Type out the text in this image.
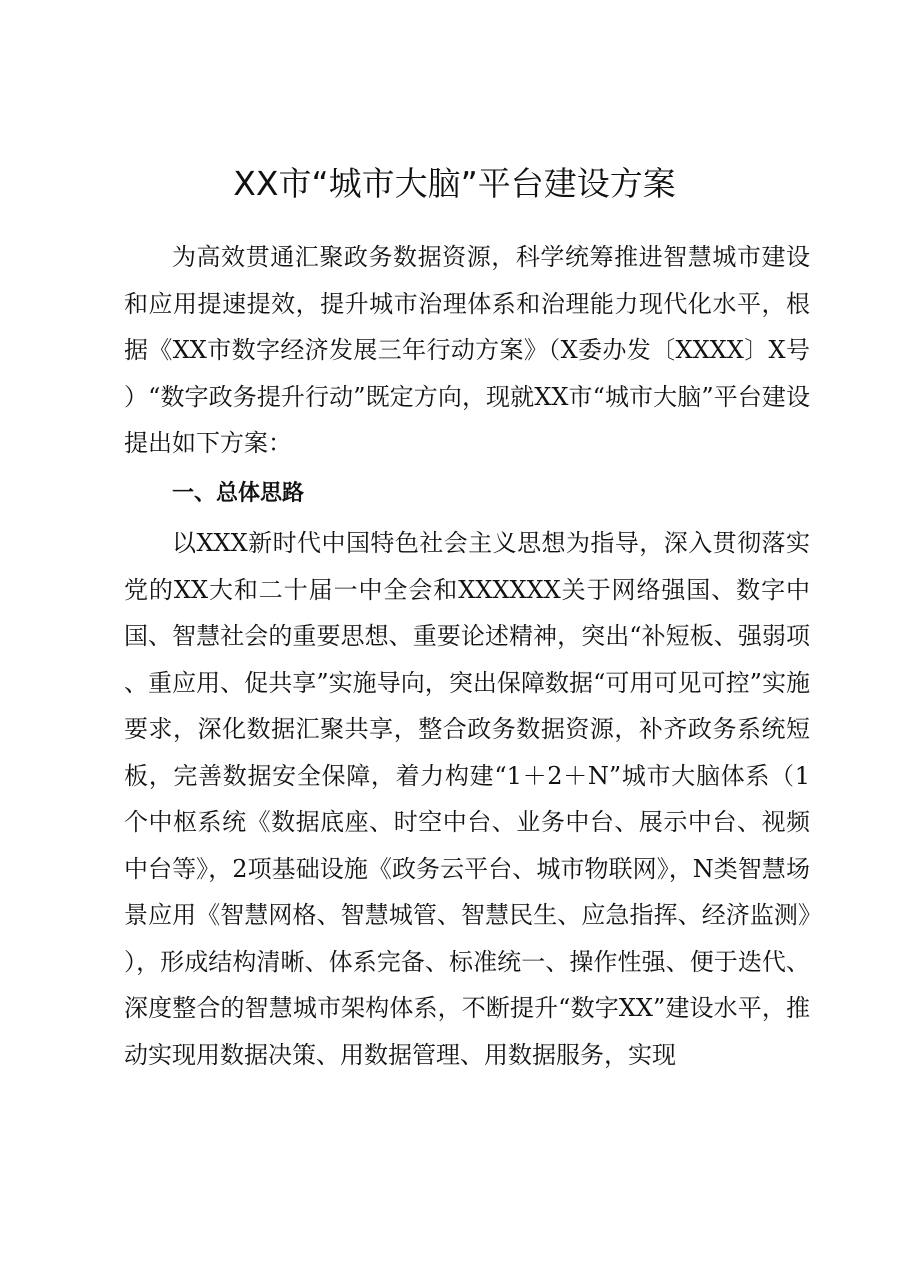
XX市“城市大脑”平台建设方案

为高效贯通汇聚政务数据资源，科学统筹推进智慧城市建设和应用提速提效，提升城市治理体系和治理能力现代化水平，根据《XX市数字经济发展三年行动方案》（X委办发〔XXXX〕X号）“数字政务提升行动”既定方向，现就XX市“城市大脑”平台建设提出如下方案：

一、总体思路

以XXX新时代中国特色社会主义思想为指导，深入贯彻落实党的XX大和二十届一中全会和XXXXXX关于网络强国、数字中国、智慧社会的重要思想、重要论述精神，突出“补短板、强弱项、重应用、促共享”实施导向，突出保障数据“可用可见可控”实施要求，深化数据汇聚共享，整合政务数据资源，补齐政务系统短板，完善数据安全保障，着力构建“1＋2＋N”城市大脑体系（1个中枢系统《数据底座、时空中台、业务中台、展示中台、视频中台等》，2项基础设施《政务云平台、城市物联网》，N类智慧场景应用《智慧网格、智慧城管、智慧民生、应急指挥、经济监测》），形成结构清晰、体系完备、标准统一、操作性强、便于迭代、深度整合的智慧城市架构体系，不断提升“数字XX”建设水平，推动实现用数据决策、用数据管理、用数据服务，实现
